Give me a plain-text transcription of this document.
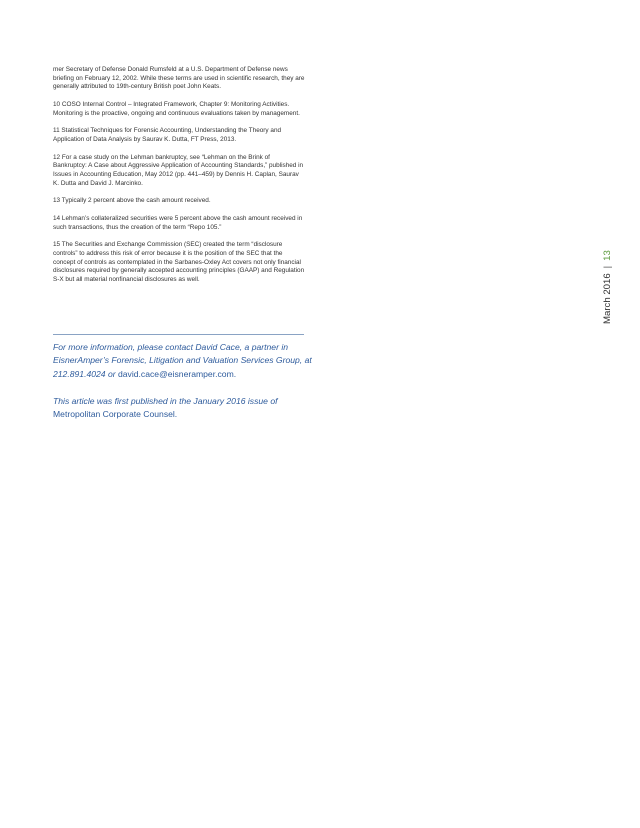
mer Secretary of Defense Donald Rumsfeld at a U.S. Department of Defense news briefing on February 12, 2002. While these terms are used in scientific research, they are generally attributed to 19th-century British poet John Keats.

10 COSO Internal Control – Integrated Framework, Chapter 9: Monitoring Activities. Monitoring is the proactive, ongoing and continuous evaluations taken by management.

11 Statistical Techniques for Forensic Accounting, Understanding the Theory and Application of Data Analysis by Saurav K. Dutta, FT Press, 2013.

12 For a case study on the Lehman bankruptcy, see “Lehman on the Brink of Bankruptcy: A Case about Aggressive Application of Accounting Standards,” published in Issues in Accounting Education, May 2012 (pp. 441–459) by Dennis H. Caplan, Saurav K. Dutta and David J. Marcinko.

13 Typically 2 percent above the cash amount received.

14 Lehman’s collateralized securities were 5 percent above the cash amount received in such transactions, thus the creation of the term “Repo 105.”

15 The Securities and Exchange Commission (SEC) created the term “disclosure controls” to address this risk of error because it is the position of the SEC that the concept of controls as contemplated in the Sarbanes-Oxley Act covers not only financial disclosures required by generally accepted accounting principles (GAAP) and Regulation S-X but all material nonfinancial disclosures as well.

For more information, please contact David Cace, a partner in EisnerAmper’s Forensic, Litigation and Valuation Services Group, at 212.891.4024 or david.cace@eisneramper.com.

This article was first published in the January 2016 issue of
Metropolitan Corporate Counsel.

March 2016|13
